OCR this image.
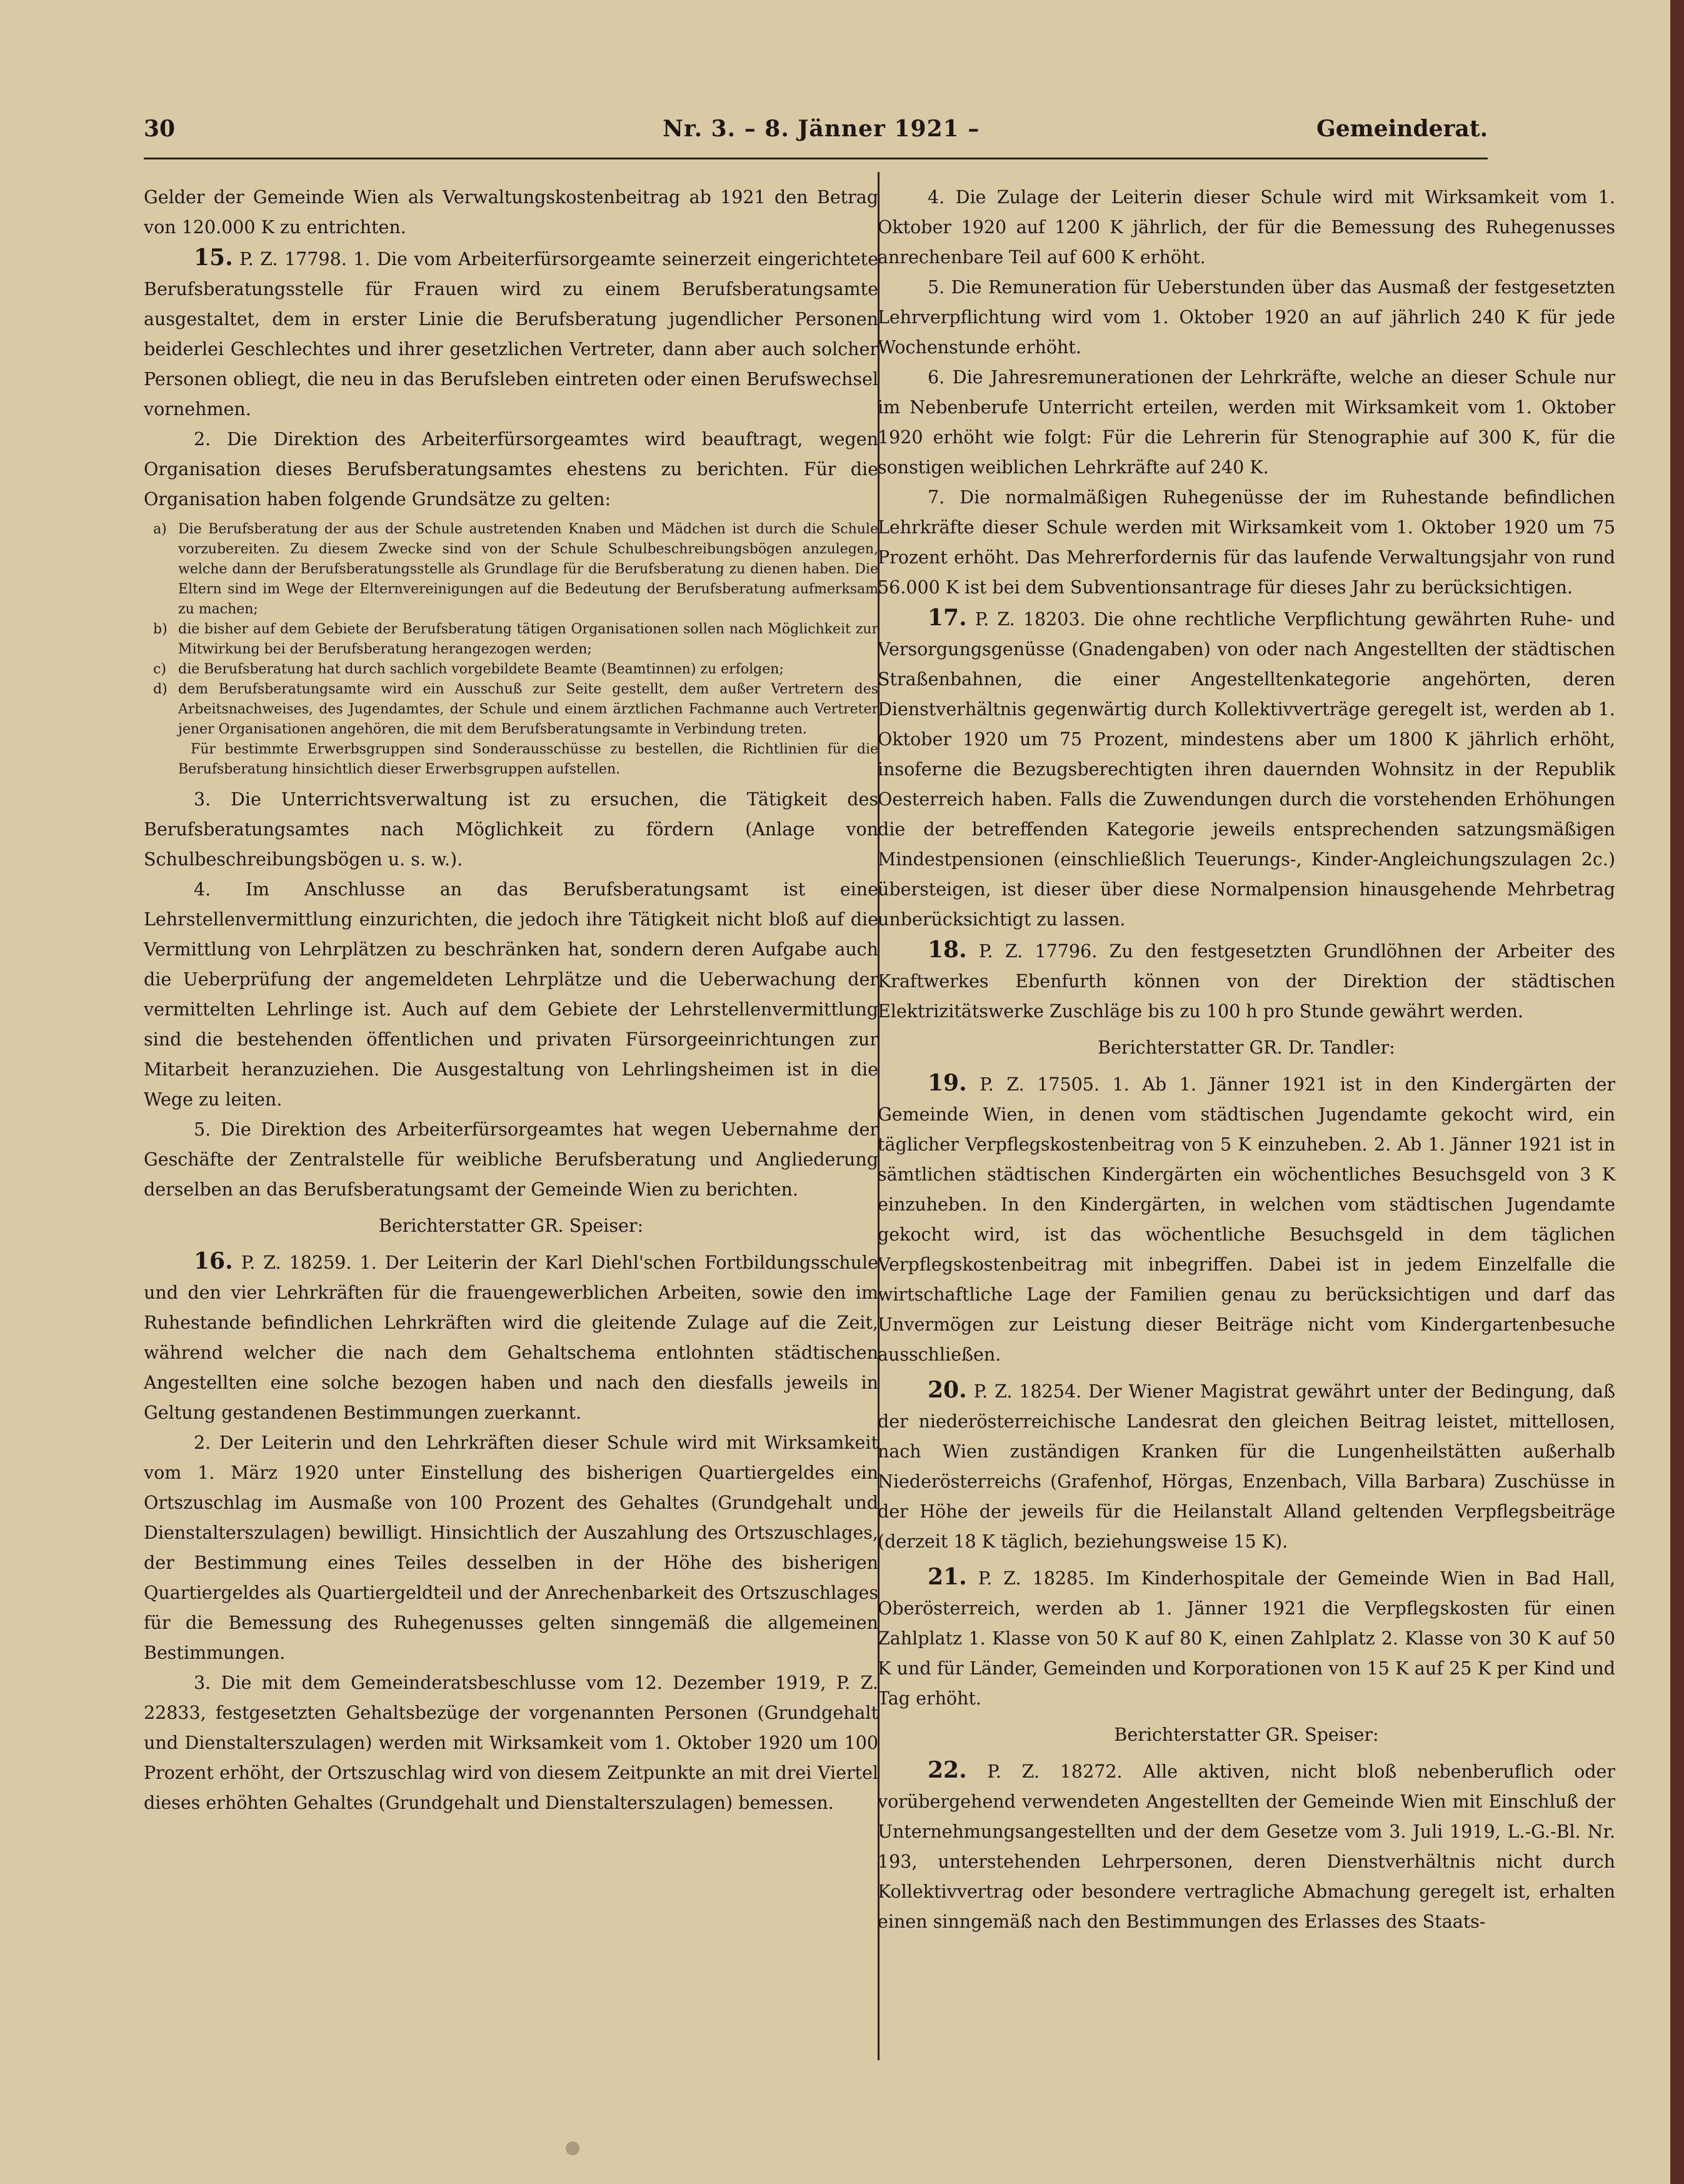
30	Nr. 3. – 8. Jänner 1921 –	Gemeinderat.

Gelder der Gemeinde Wien als Verwaltungskostenbeitrag ab 1921 den Betrag von 120.000 K zu entrichten.

15. P. Z. 17798. 1. Die vom Arbeiterfürsorgeamte seinerzeit eingerichtete Berufsberatungsstelle für Frauen wird zu einem Berufsberatungsamte ausgestaltet, dem in erster Linie die Berufsberatung jugendlicher Personen beiderlei Geschlechtes und ihrer gesetzlichen Vertreter, dann aber auch solcher Personen obliegt, die neu in das Berufsleben eintreten oder einen Berufswechsel vornehmen.

2. Die Direktion des Arbeiterfürsorgeamtes wird beauftragt, wegen Organisation dieses Berufsberatungsamtes ehestens zu berichten. Für die Organisation haben folgende Grundsätze zu gelten:

a) Die Berufsberatung der aus der Schule austretenden Knaben und Mädchen ist durch die Schule vorzubereiten. Zu diesem Zwecke sind von der Schule Schulbeschreibungsbögen anzulegen, welche dann der Berufsberatungsstelle als Grundlage für die Berufsberatung zu dienen haben. Die Eltern sind im Wege der Elternvereinigungen auf die Bedeutung der Berufsberatung aufmerksam zu machen;

b) die bisher auf dem Gebiete der Berufsberatung tätigen Organisationen sollen nach Möglichkeit zur Mitwirkung bei der Berufsberatung herangezogen werden;

c) die Berufsberatung hat durch sachlich vorgebildete Beamte (Beamtinnen) zu erfolgen;

d) dem Berufsberatungsamte wird ein Ausschuß zur Seite gestellt, dem außer Vertretern des Arbeitsnachweises, des Jugendamtes, der Schule und einem ärztlichen Fachmanne auch Vertreter jener Organisationen angehören, die mit dem Berufsberatungsamte in Verbindung treten.

Für bestimmte Erwerbsgruppen sind Sonderausschüsse zu bestellen, die Richtlinien für die Berufsberatung hinsichtlich dieser Erwerbsgruppen aufstellen.

3. Die Unterrichtsverwaltung ist zu ersuchen, die Tätigkeit des Berufsberatungsamtes nach Möglichkeit zu fördern (Anlage von Schulbeschreibungsbögen u. s. w.).

4. Im Anschlusse an das Berufsberatungsamt ist eine Lehrstellenvermittlung einzurichten, die jedoch ihre Tätigkeit nicht bloß auf die Vermittlung von Lehrplätzen zu beschränken hat, sondern deren Aufgabe auch die Ueberprüfung der angemeldeten Lehrplätze und die Ueberwachung der vermittelten Lehrlinge ist. Auch auf dem Gebiete der Lehrstellenvermittlung sind die bestehenden öffentlichen und privaten Fürsorgeeinrichtungen zur Mitarbeit heranzuziehen. Die Ausgestaltung von Lehrlingsheimen ist in die Wege zu leiten.

5. Die Direktion des Arbeiterfürsorgeamtes hat wegen Uebernahme der Geschäfte der Zentralstelle für weibliche Berufsberatung und Angliederung derselben an das Berufsberatungsamt der Gemeinde Wien zu berichten.

Berichterstatter GR. Speiser:

16. P. Z. 18259. 1. Der Leiterin der Karl Diehl'schen Fortbildungsschule und den vier Lehrkräften für die frauengewerblichen Arbeiten, sowie den im Ruhestande befindlichen Lehrkräften wird die gleitende Zulage auf die Zeit, während welcher die nach dem Gehaltschema entlohnten städtischen Angestellten eine solche bezogen haben und nach den diesfalls jeweils in Geltung gestandenen Bestimmungen zuerkannt.

2. Der Leiterin und den Lehrkräften dieser Schule wird mit Wirksamkeit vom 1. März 1920 unter Einstellung des bisherigen Quartiergeldes ein Ortszuschlag im Ausmaße von 100 Prozent des Gehaltes (Grundgehalt und Dienstalterszulagen) bewilligt. Hinsichtlich der Auszahlung des Ortszuschlages, der Bestimmung eines Teiles desselben in der Höhe des bisherigen Quartiergeldes als Quartiergeldteil und der Anrechenbarkeit des Ortszuschlages für die Bemessung des Ruhegenusses gelten sinngemäß die allgemeinen Bestimmungen.

3. Die mit dem Gemeinderatsbeschlusse vom 12. Dezember 1919, P. Z. 22833, festgesetzten Gehaltsbezüge der vorgenannten Personen (Grundgehalt und Dienstalterszulagen) werden mit Wirksamkeit vom 1. Oktober 1920 um 100 Prozent erhöht, der Ortszuschlag wird von diesem Zeitpunkte an mit drei Viertel dieses erhöhten Gehaltes (Grundgehalt und Dienstalterszulagen) bemessen.

4. Die Zulage der Leiterin dieser Schule wird mit Wirksamkeit vom 1. Oktober 1920 auf 1200 K jährlich, der für die Bemessung des Ruhegenusses anrechenbare Teil auf 600 K erhöht.

5. Die Remuneration für Ueberstunden über das Ausmaß der festgesetzten Lehrverpflichtung wird vom 1. Oktober 1920 an auf jährlich 240 K für jede Wochenstunde erhöht.

6. Die Jahresremunerationen der Lehrkräfte, welche an dieser Schule nur im Nebenberufe Unterricht erteilen, werden mit Wirksamkeit vom 1. Oktober 1920 erhöht wie folgt: Für die Lehrerin für Stenographie auf 300 K, für die sonstigen weiblichen Lehrkräfte auf 240 K.

7. Die normalmäßigen Ruhegenüsse der im Ruhestande befindlichen Lehrkräfte dieser Schule werden mit Wirksamkeit vom 1. Oktober 1920 um 75 Prozent erhöht. Das Mehrerfordernis für das laufende Verwaltungsjahr von rund 56.000 K ist bei dem Subventionsantrage für dieses Jahr zu berücksichtigen.

17. P. Z. 18203. Die ohne rechtliche Verpflichtung gewährten Ruhe- und Versorgungsgenüsse (Gnadengaben) von oder nach Angestellten der städtischen Straßenbahnen, die einer Angestelltenkategorie angehörten, deren Dienstverhältnis gegenwärtig durch Kollektivverträge geregelt ist, werden ab 1. Oktober 1920 um 75 Prozent, mindestens aber um 1800 K jährlich erhöht, insoferne die Bezugsberechtigten ihren dauernden Wohnsitz in der Republik Oesterreich haben. Falls die Zuwendungen durch die vorstehenden Erhöhungen die der betreffenden Kategorie jeweils entsprechenden satzungsmäßigen Mindestpensionen (einschließlich Teuerungs-, Kinder-Angleichungszulagen 2c.) übersteigen, ist dieser über diese Normalpension hinausgehende Mehrbetrag unberücksichtigt zu lassen.

18. P. Z. 17796. Zu den festgesetzten Grundlöhnen der Arbeiter des Kraftwerkes Ebenfurth können von der Direktion der städtischen Elektrizitätswerke Zuschläge bis zu 100 h pro Stunde gewährt werden.

Berichterstatter GR. Dr. Tandler:

19. P. Z. 17505. 1. Ab 1. Jänner 1921 ist in den Kindergärten der Gemeinde Wien, in denen vom städtischen Jugendamte gekocht wird, ein täglicher Verpflegskostenbeitrag von 5 K einzuheben. 2. Ab 1. Jänner 1921 ist in sämtlichen städtischen Kindergärten ein wöchentliches Besuchsgeld von 3 K einzuheben. In den Kindergärten, in welchen vom städtischen Jugendamte gekocht wird, ist das wöchentliche Besuchsgeld in dem täglichen Verpflegskostenbeitrag mit inbegriffen. Dabei ist in jedem Einzelfalle die wirtschaftliche Lage der Familien genau zu berücksichtigen und darf das Unvermögen zur Leistung dieser Beiträge nicht vom Kindergartenbesuche ausschließen.

20. P. Z. 18254. Der Wiener Magistrat gewährt unter der Bedingung, daß der niederösterreichische Landesrat den gleichen Beitrag leistet, mittellosen, nach Wien zuständigen Kranken für die Lungenheilstätten außerhalb Niederösterreichs (Grafenhof, Hörgas, Enzenbach, Villa Barbara) Zuschüsse in der Höhe der jeweils für die Heilanstalt Alland geltenden Verpflegsbeiträge (derzeit 18 K täglich, beziehungsweise 15 K).

21. P. Z. 18285. Im Kinderhospitale der Gemeinde Wien in Bad Hall, Oberösterreich, werden ab 1. Jänner 1921 die Verpflegskosten für einen Zahlplatz 1. Klasse von 50 K auf 80 K, einen Zahlplatz 2. Klasse von 30 K auf 50 K und für Länder, Gemeinden und Korporationen von 15 K auf 25 K per Kind und Tag erhöht.

Berichterstatter GR. Speiser:

22. P. Z. 18272. Alle aktiven, nicht bloß nebenberuflich oder vorübergehend verwendeten Angestellten der Gemeinde Wien mit Einschluß der Unternehmungsangestellten und der dem Gesetze vom 3. Juli 1919, L.-G.-Bl. Nr. 193, unterstehenden Lehrpersonen, deren Dienstverhältnis nicht durch Kollektivvertrag oder besondere vertragliche Abmachung geregelt ist, erhalten einen sinngemäß nach den Bestimmungen des Erlasses des Staats-
